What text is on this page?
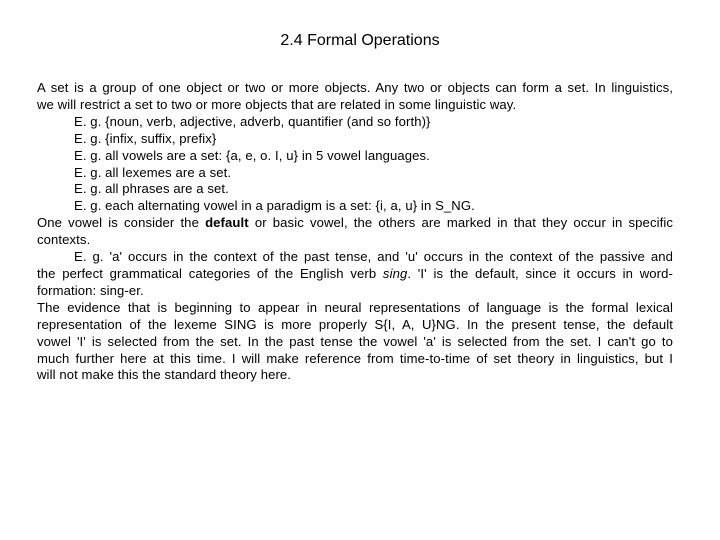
2.4 Formal Operations
A set is a group of one object or two or more objects. Any two or objects can form a set. In linguistics,
we will restrict a set to two or more objects that are related in some linguistic way.
E. g. {noun, verb, adjective, adverb, quantifier (and so forth)}
E. g. {infix, suffix, prefix}
E. g. all vowels are a set: {a, e, o. I, u} in 5 vowel languages.
E. g. all lexemes are a set.
E. g. all phrases are a set.
E. g. each alternating vowel in a paradigm is a set: {i, a, u} in S_NG.
One vowel is consider the default or basic vowel, the others are marked in that they occur in specific
contexts.
E. g. 'a' occurs in the context of the past tense, and 'u' occurs in the context of the passive and
the perfect grammatical categories of the English verb sing. 'I' is the default, since it occurs in word-
formation: sing-er.
The evidence that is beginning to appear in neural representations of language is the formal lexical
representation of the lexeme SING is more properly S{I, A, U}NG. In the present tense, the default
vowel 'I' is selected from the set. In the past tense the vowel 'a' is selected from the set. I can't go to
much further here at this time. I will make reference from time-to-time of set theory in linguistics, but I
will not make this the standard theory here.
